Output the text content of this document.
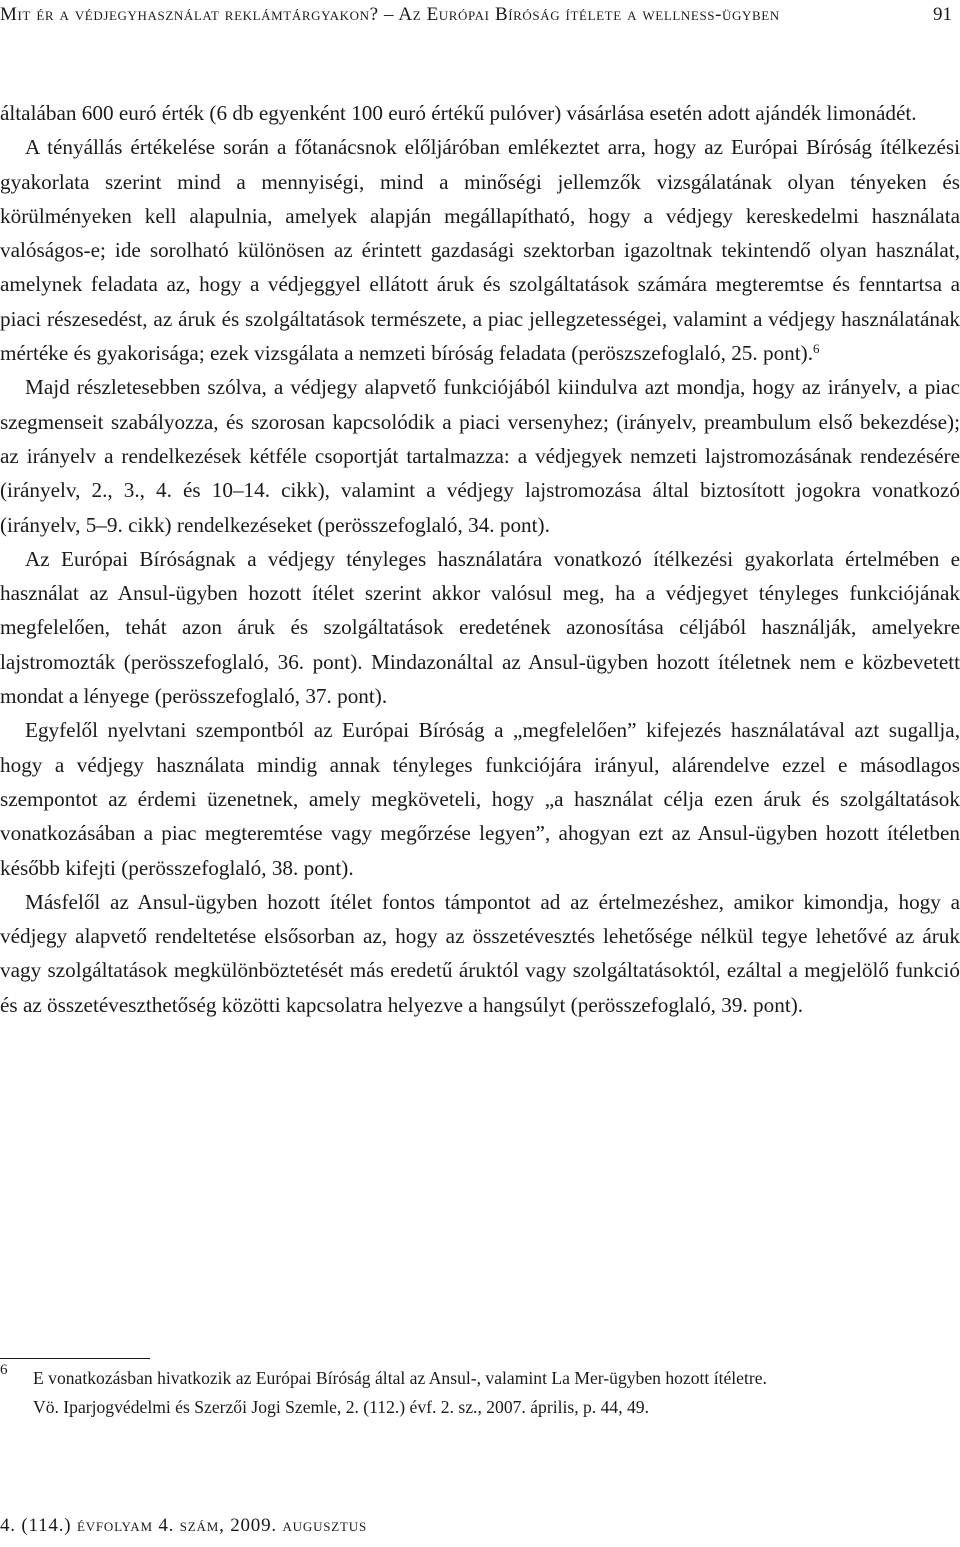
Mit ér a védjegyhasználat reklámtárgyakon? – Az Európai Bíróság ítélete a wellness-ügyben	91

általában 600 euró érték (6 db egyenként 100 euró értékű pulóver) vásárlása esetén adott ajándék limonádét.

A tényállás értékelése során a főtanácsnok előljáróban emlékeztet arra, hogy az Európai Bíróság ítélkezési gyakorlata szerint mind a mennyiségi, mind a minőségi jellemzők vizsgálatának olyan tényeken és körülményeken kell alapulnia, amelyek alapján megállapítható, hogy a védjegy kereskedelmi használata valóságos-e; ide sorolható különösen az érintett gazdasági szektorban igazoltnak tekintendő olyan használat, amelynek feladata az, hogy a védjeggyel ellátott áruk és szolgáltatások számára megteremtse és fenntartsa a piaci részesedést, az áruk és szolgáltatások természete, a piac jellegzetességei, valamint a védjegy használatának mértéke és gyakorisága; ezek vizsgálata a nemzeti bíróság feladata (peröszszefoglaló, 25. pont).$^6$

Majd részletesebben szólva, a védjegy alapvető funkciójából kiindulva azt mondja, hogy az irányelv, a piac szegmenseit szabályozza, és szorosan kapcsolódik a piaci versenyhez; (irányelv, preambulum első bekezdése); az irányelv a rendelkezések kétféle csoportját tartalmazza: a védjegyek nemzeti lajstromozásának rendezésére (irányelv, 2., 3., 4. és 10–14. cikk), valamint a védjegy lajstromozása által biztosított jogokra vonatkozó (irányelv, 5–9. cikk) rendelkezéseket (perösszefoglaló, 34. pont).

Az Európai Bíróságnak a védjegy tényleges használatára vonatkozó ítélkezési gyakorlata értelmében e használat az Ansul-ügyben hozott ítélet szerint akkor valósul meg, ha a védjegyet tényleges funkciójának megfelelően, tehát azon áruk és szolgáltatások eredetének azonosítása céljából használják, amelyekre lajstromozták (perösszefoglaló, 36. pont). Mindazonáltal az Ansul-ügyben hozott ítéletnek nem e közbevetett mondat a lényege (perösszefoglaló, 37. pont).

Egyfelől nyelvtani szempontból az Európai Bíróság a „megfelelően” kifejezés használatával azt sugallja, hogy a védjegy használata mindig annak tényleges funkciójára irányul, alárendelve ezzel e másodlagos szempontot az érdemi üzenetnek, amely megköveteli, hogy „a használat célja ezen áruk és szolgáltatások vonatkozásában a piac megteremtése vagy megőrzése legyen”, ahogyan ezt az Ansul-ügyben hozott ítéletben később kifejti (perösszefoglaló, 38. pont).

Másfelől az Ansul-ügyben hozott ítélet fontos támpontot ad az értelmezéshez, amikor kimondja, hogy a védjegy alapvető rendeltetése elsősorban az, hogy az összetévesztés lehetősége nélkül tegye lehetővé az áruk vagy szolgáltatások megkülönböztetését más eredetű áruktól vagy szolgáltatásoktól, ezáltal a megjelölő funkció és az összetéveszthetőség közötti kapcsolatra helyezve a hangsúlyt (perösszefoglaló, 39. pont).

6 E vonatkozásban hivatkozik az Európai Bíróság által az Ansul-, valamint La Mer-ügyben hozott ítéletre.

Vö. Iparjogvédelmi és Szerzői Jogi Szemle, 2. (112.) évf. 2. sz., 2007. április, p. 44, 49.

4. (114.) évfolyam 4. szám, 2009. augusztus
